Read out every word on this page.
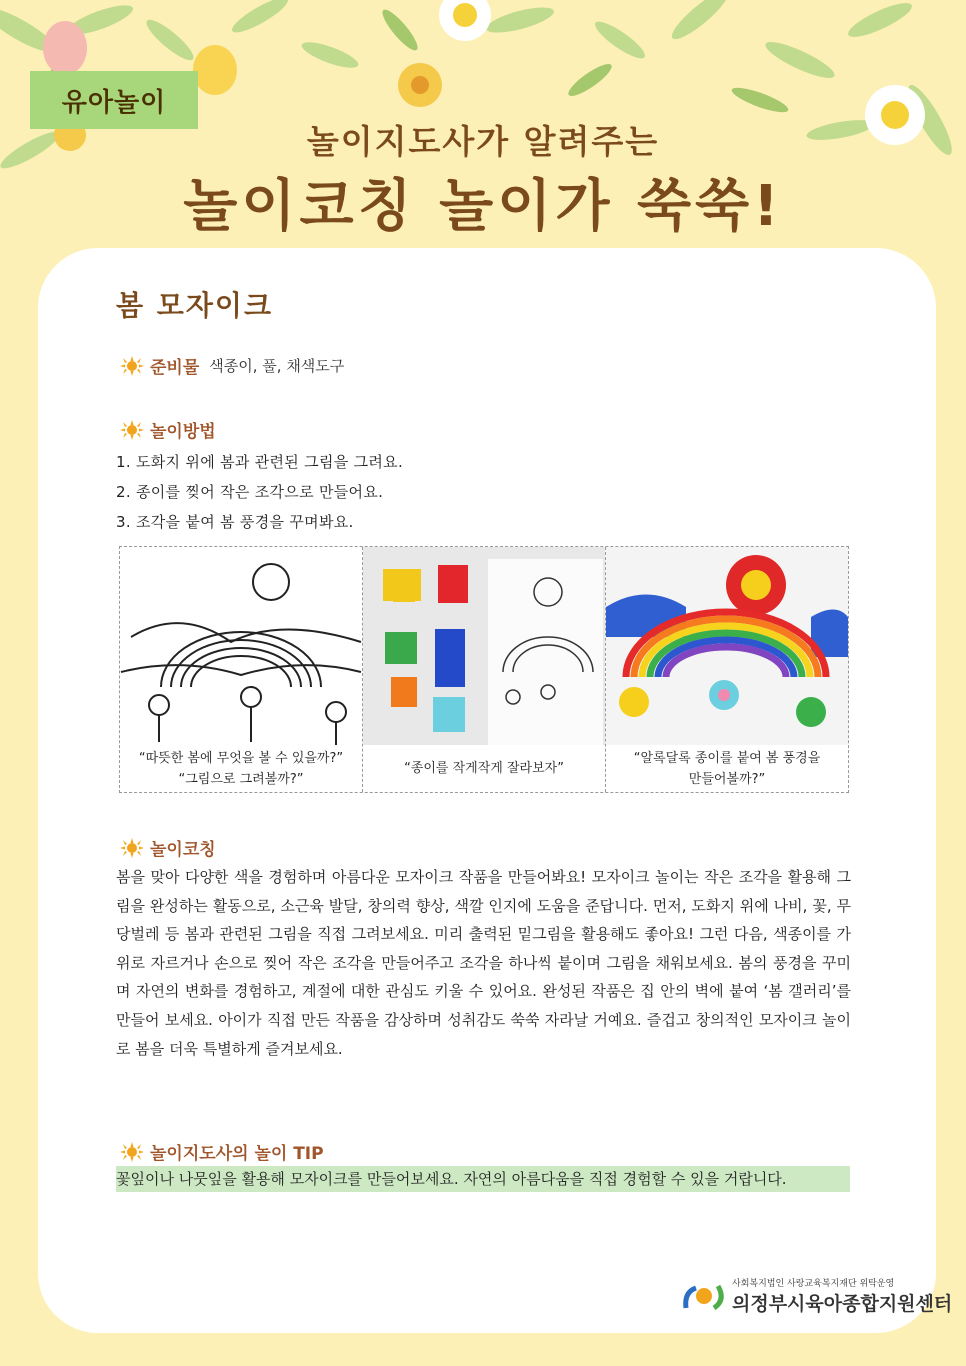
유아놀이
놀이지도사가 알려주는
놀이코칭 놀이가 쑥쑥!
봄 모자이크
준비물 색종이, 풀, 채색도구
놀이방법
1. 도화지 위에 봄과 관련된 그림을 그려요.
2. 종이를 찢어 작은 조각으로 만들어요.
3. 조각을 붙여 봄 풍경을 꾸며봐요.
“따뜻한 봄에 무엇을 볼 수 있을까?”
“그림으로 그려볼까?”
“종이를 작게작게 잘라보자”
“알록달록 종이를 붙여 봄 풍경을
만들어볼까?”
놀이코칭
봄을 맞아 다양한 색을 경험하며 아름다운 모자이크 작품을 만들어봐요! 모자이크 놀이는 작은 조각을 활용해 그림을 완성하는 활동으로, 소근육 발달, 창의력 향상, 색깔 인지에 도움을 준답니다. 먼저, 도화지 위에 나비, 꽃, 무당벌레 등 봄과 관련된 그림을 직접 그려보세요. 미리 출력된 밑그림을 활용해도 좋아요! 그런 다음, 색종이를 가위로 자르거나 손으로 찢어 작은 조각을 만들어주고 조각을 하나씩 붙이며 그림을 채워보세요. 봄의 풍경을 꾸미며 자연의 변화를 경험하고, 계절에 대한 관심도 키울 수 있어요. 완성된 작품은 집 안의 벽에 붙여 ‘봄 갤러리’를 만들어 보세요. 아이가 직접 만든 작품을 감상하며 성취감도 쑥쑥 자라날 거예요. 즐겁고 창의적인 모자이크 놀이로 봄을 더욱 특별하게 즐겨보세요.
놀이지도사의 놀이 TIP
꽃잎이나 나뭇잎을 활용해 모자이크를 만들어보세요. 자연의 아름다움을 직접 경험할 수 있을 거랍니다.
사회복지법인 사랑교육복지재단 위탁운영
의정부시육아종합지원센터
